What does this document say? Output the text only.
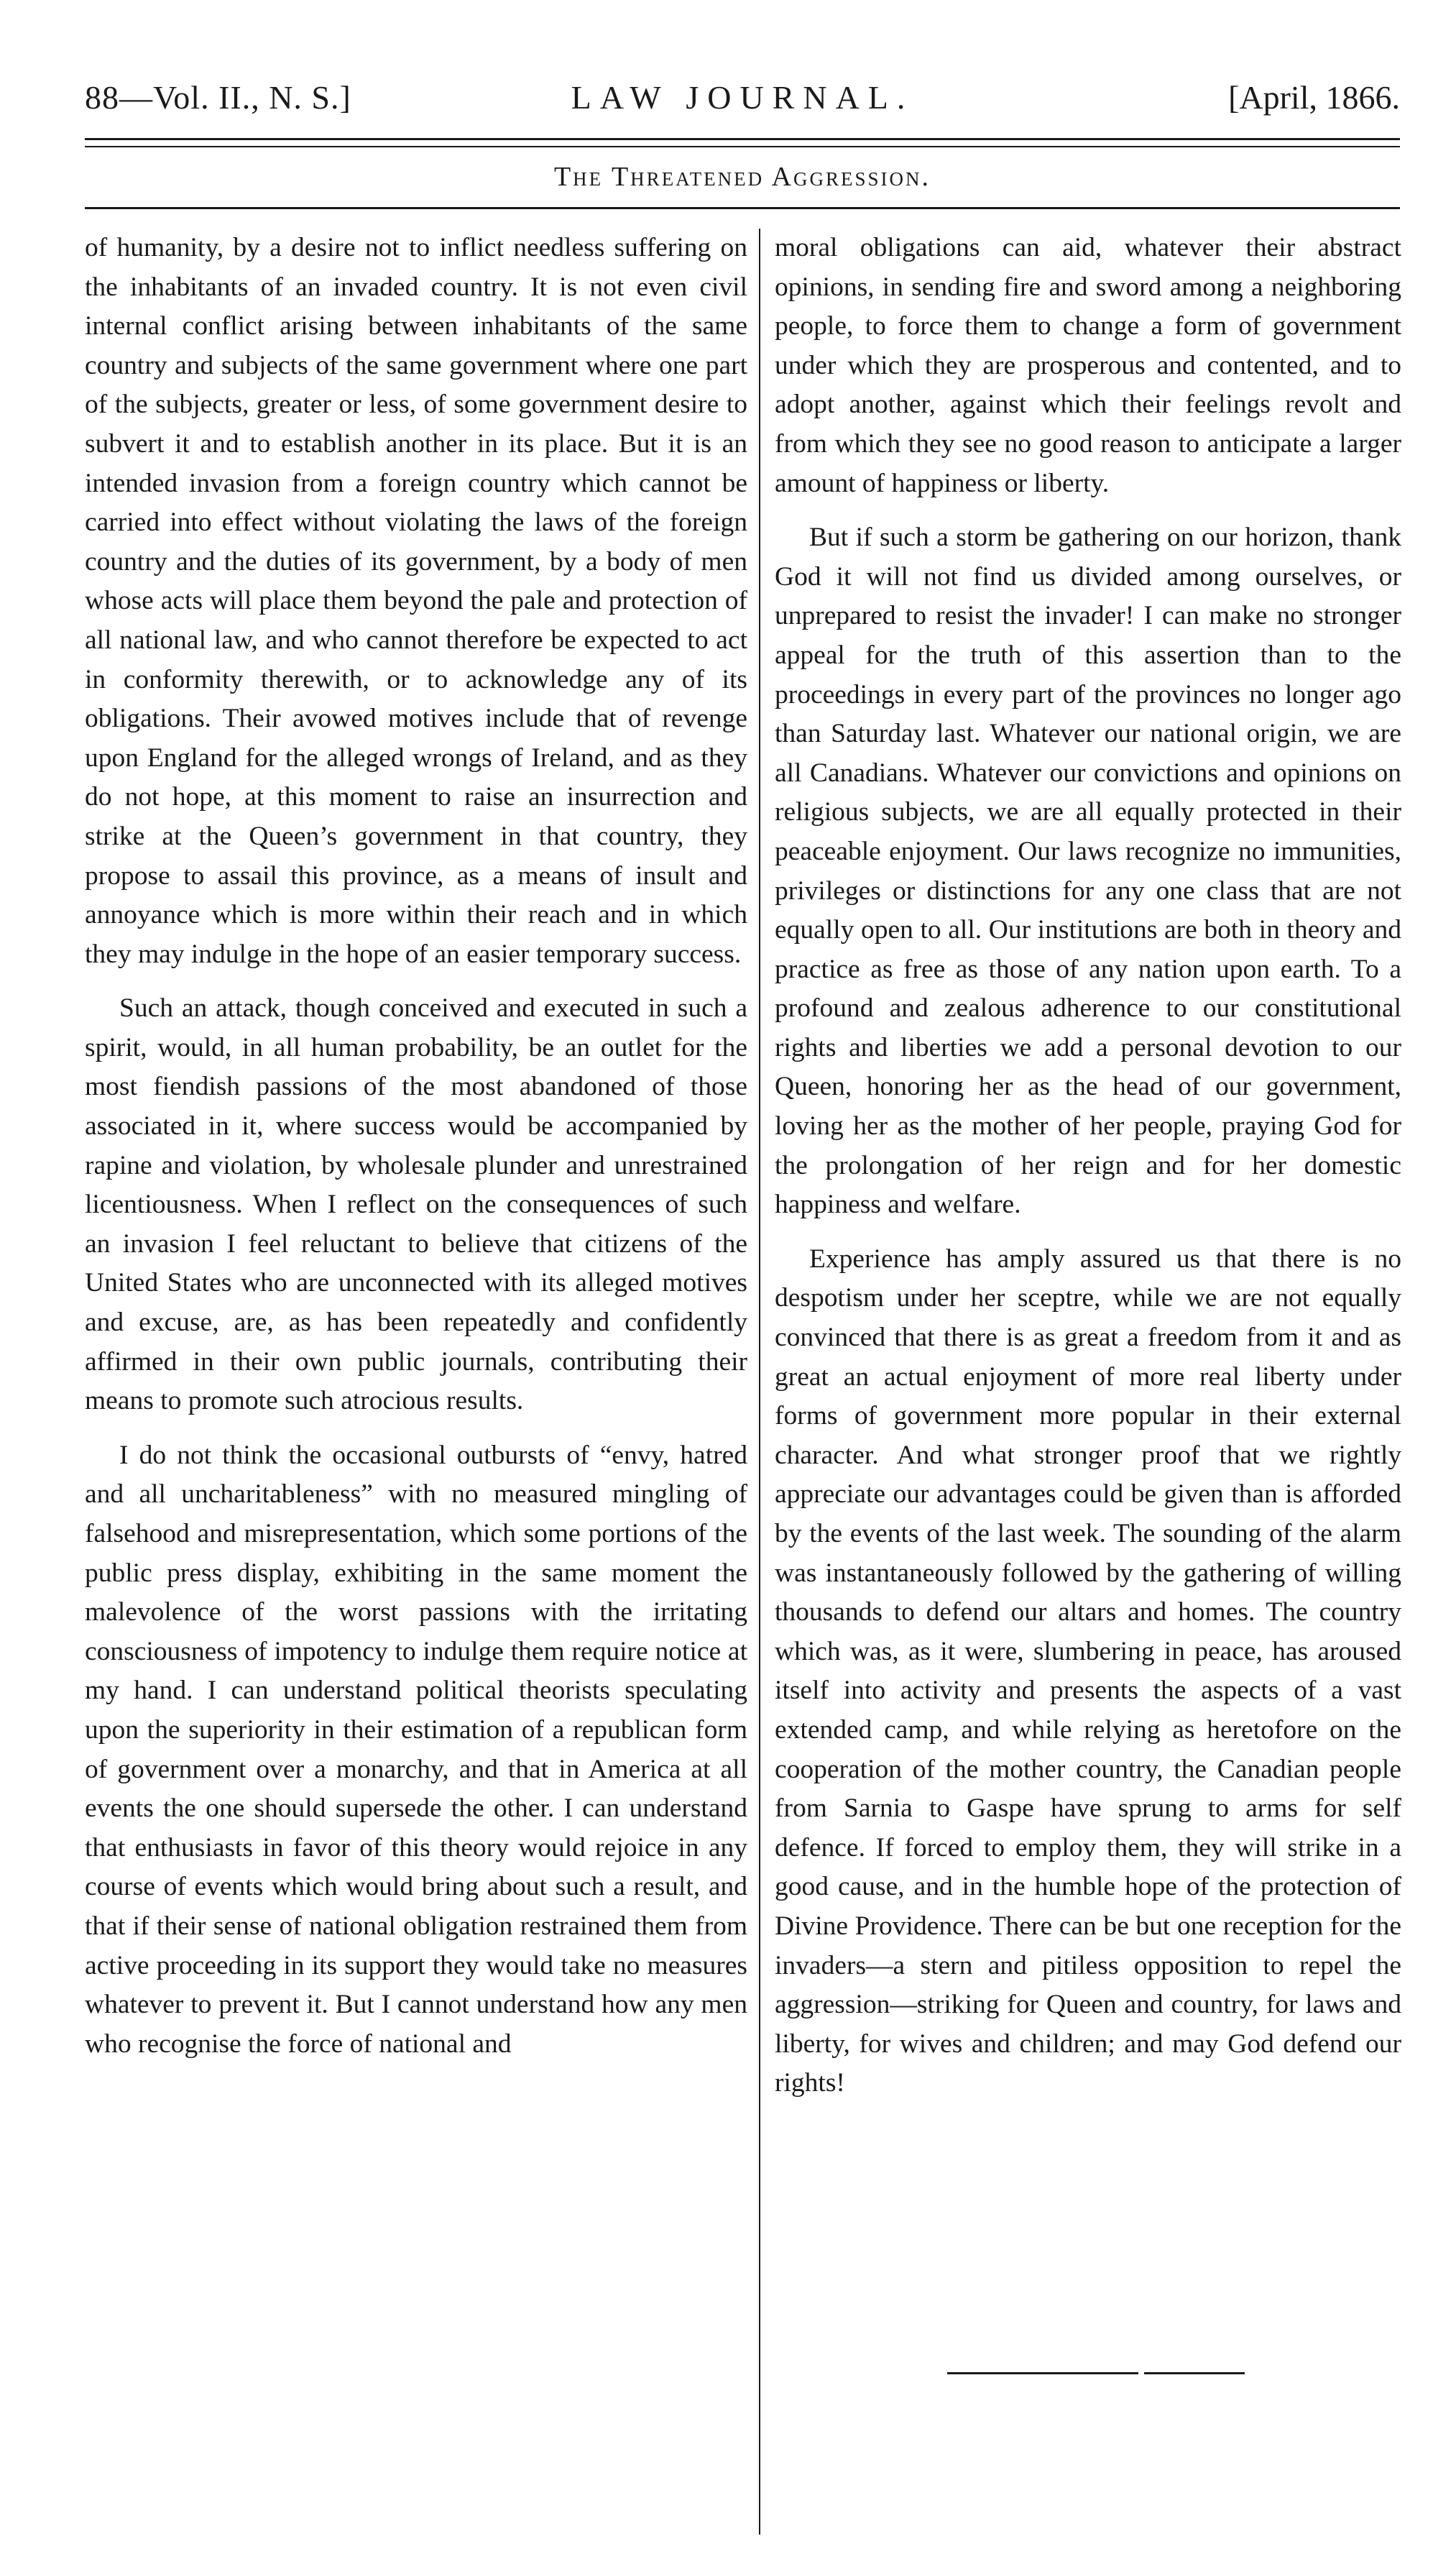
88—Vol. II., N. S.]	LAW JOURNAL.	[April, 1866.
The Threatened Aggression.

of humanity, by a desire not to inflict needless suffering on the inhabitants of an invaded country. It is not even civil internal conflict arising between inhabitants of the same country and subjects of the same government where one part of the subjects, greater or less, of some government desire to subvert it and to establish another in its place. But it is an intended invasion from a foreign country which cannot be carried into effect without violating the laws of the foreign country and the duties of its government, by a body of men whose acts will place them beyond the pale and protection of all national law, and who cannot therefore be expected to act in conformity therewith, or to acknowledge any of its obligations. Their avowed motives include that of revenge upon England for the alleged wrongs of Ireland, and as they do not hope, at this moment to raise an insurrection and strike at the Queen’s government in that country, they propose to assail this province, as a means of insult and annoyance which is more within their reach and in which they may indulge in the hope of an easier temporary success.

Such an attack, though conceived and executed in such a spirit, would, in all human probability, be an outlet for the most fiendish passions of the most abandoned of those associated in it, where success would be accompanied by rapine and violation, by wholesale plunder and unrestrained licentiousness. When I reflect on the consequences of such an invasion I feel reluctant to believe that citizens of the United States who are unconnected with its alleged motives and excuse, are, as has been repeatedly and confidently affirmed in their own public journals, contributing their means to promote such atrocious results.

I do not think the occasional outbursts of “envy, hatred and all uncharitableness” with no measured mingling of falsehood and misrepresentation, which some portions of the public press display, exhibiting in the same moment the malevolence of the worst passions with the irritating consciousness of impotency to indulge them require notice at my hand. I can understand political theorists speculating upon the superiority in their estimation of a republican form of government over a monarchy, and that in America at all events the one should supersede the other. I can understand that enthusiasts in favor of this theory would rejoice in any course of events which would bring about such a result, and that if their sense of national obligation restrained them from active proceeding in its support they would take no measures whatever to prevent it. But I cannot understand how any men who recognise the force of national and

moral obligations can aid, whatever their abstract opinions, in sending fire and sword among a neighboring people, to force them to change a form of government under which they are prosperous and contented, and to adopt another, against which their feelings revolt and from which they see no good reason to anticipate a larger amount of happiness or liberty.

But if such a storm be gathering on our horizon, thank God it will not find us divided among ourselves, or unprepared to resist the invader! I can make no stronger appeal for the truth of this assertion than to the proceedings in every part of the provinces no longer ago than Saturday last. Whatever our national origin, we are all Canadians. Whatever our convictions and opinions on religious subjects, we are all equally protected in their peaceable enjoyment. Our laws recognize no immunities, privileges or distinctions for any one class that are not equally open to all. Our institutions are both in theory and practice as free as those of any nation upon earth. To a profound and zealous adherence to our constitutional rights and liberties we add a personal devotion to our Queen, honoring her as the head of our government, loving her as the mother of her people, praying God for the prolongation of her reign and for her domestic happiness and welfare.

Experience has amply assured us that there is no despotism under her sceptre, while we are not equally convinced that there is as great a freedom from it and as great an actual enjoyment of more real liberty under forms of government more popular in their external character. And what stronger proof that we rightly appreciate our advantages could be given than is afforded by the events of the last week. The sounding of the alarm was instantaneously followed by the gathering of willing thousands to defend our altars and homes. The country which was, as it were, slumbering in peace, has aroused itself into activity and presents the aspects of a vast extended camp, and while relying as heretofore on the cooperation of the mother country, the Canadian people from Sarnia to Gaspe have sprung to arms for self defence. If forced to employ them, they will strike in a good cause, and in the humble hope of the protection of Divine Providence. There can be but one reception for the invaders—a stern and pitiless opposition to repel the aggression—striking for Queen and country, for laws and liberty, for wives and children; and may God defend our rights!
